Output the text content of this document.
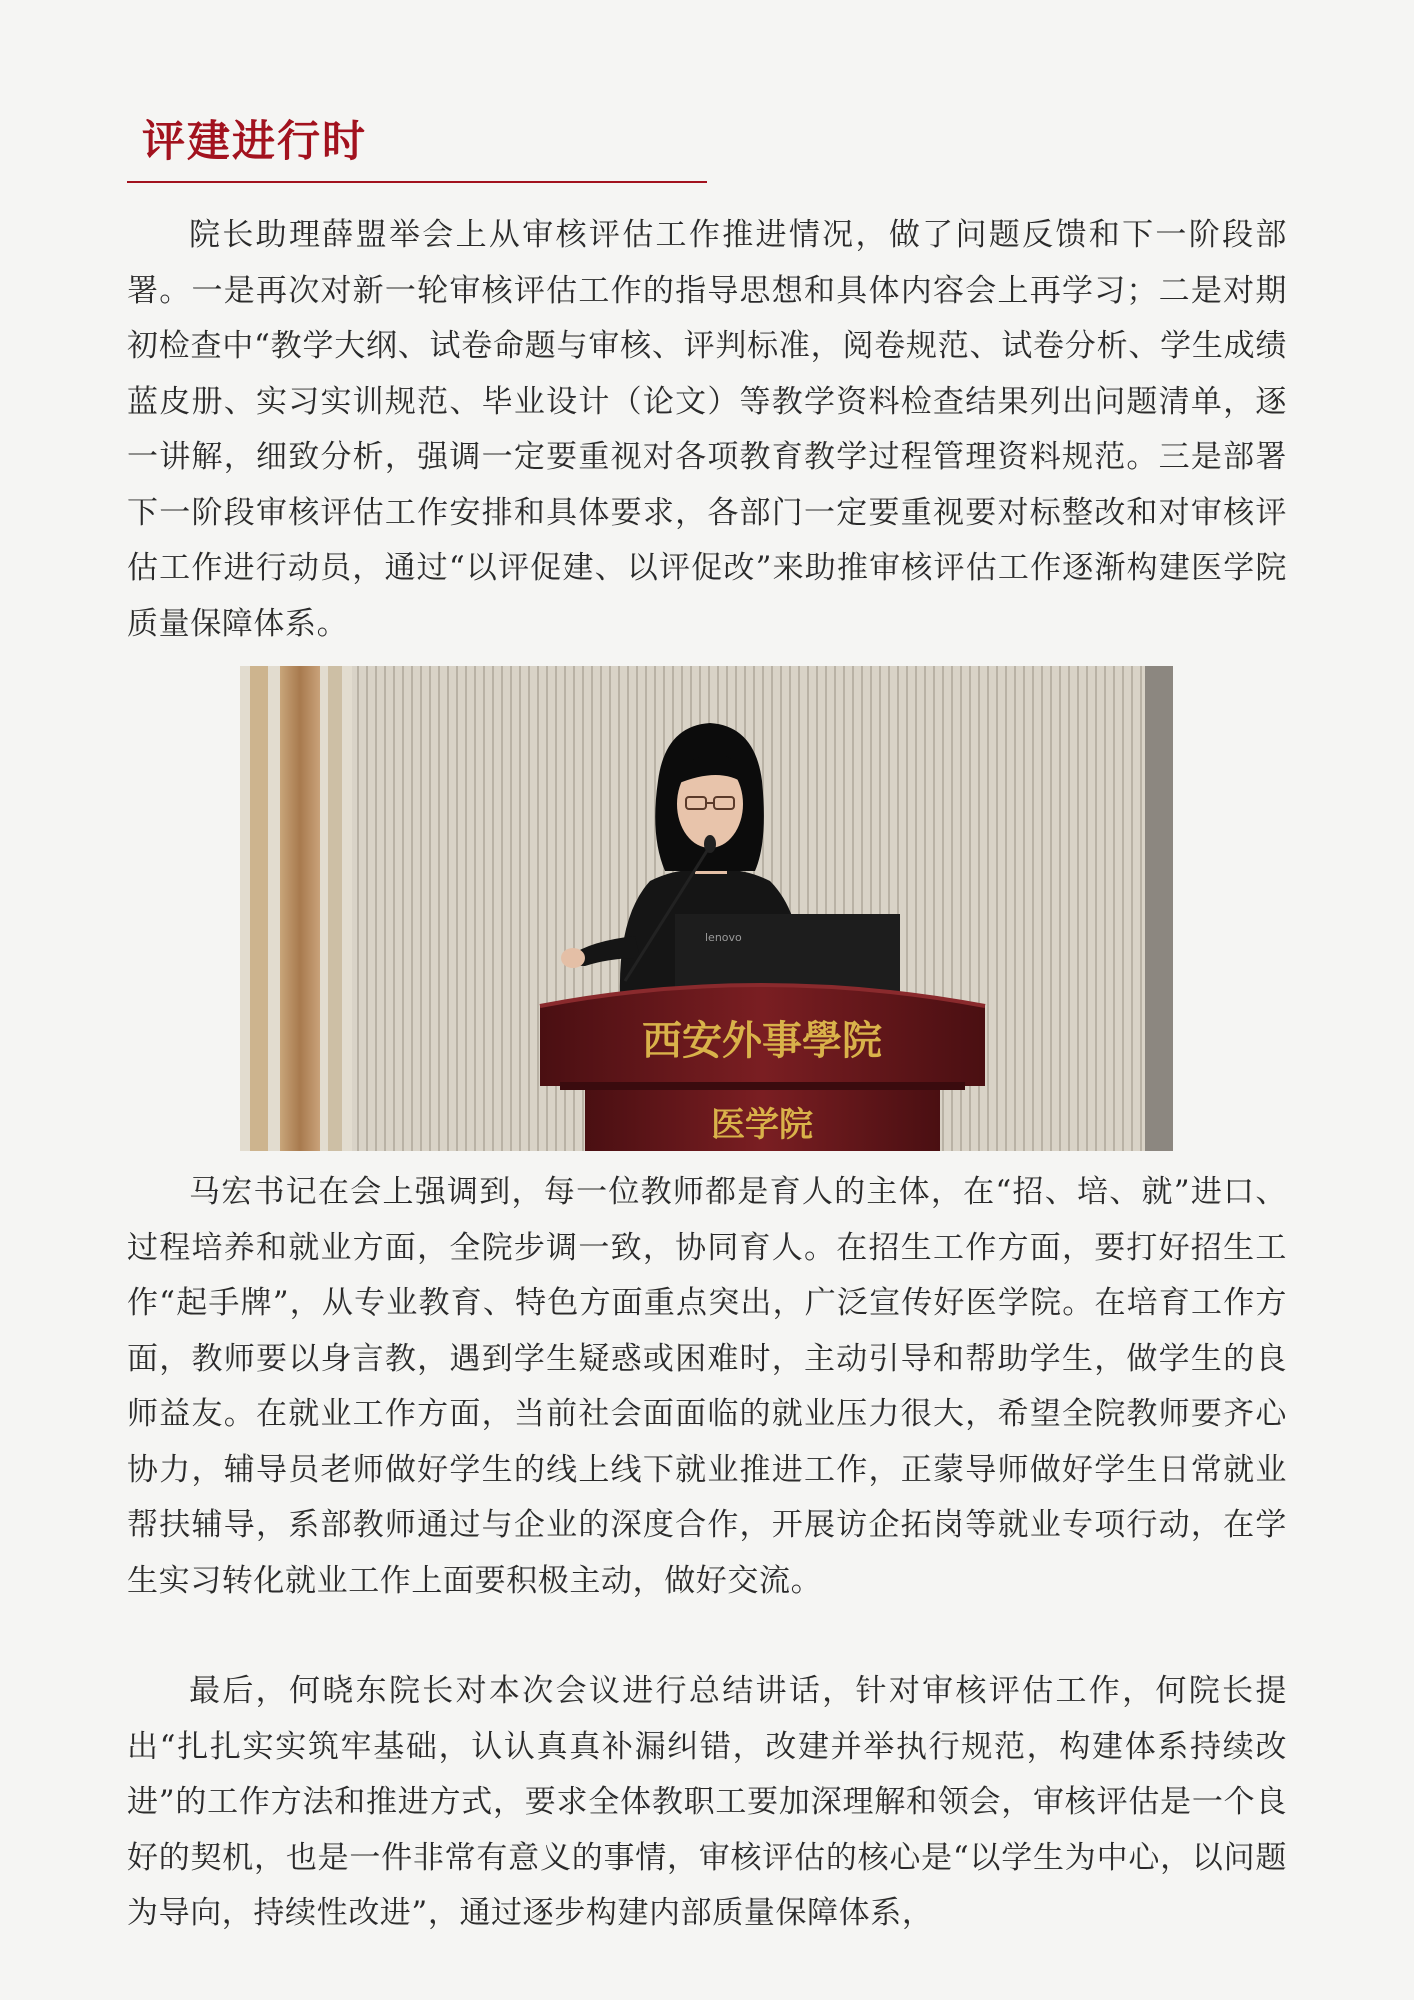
评建进行时

院长助理薛盟举会上从审核评估工作推进情况，做了问题反馈和下一阶段部署。一是再次对新一轮审核评估工作的指导思想和具体内容会上再学习；二是对期初检查中“教学大纲、试卷命题与审核、评判标准，阅卷规范、试卷分析、学生成绩蓝皮册、实习实训规范、毕业设计（论文）等教学资料检查结果列出问题清单，逐一讲解，细致分析，强调一定要重视对各项教育教学过程管理资料规范。三是部署下一阶段审核评估工作安排和具体要求，各部门一定要重视要对标整改和对审核评估工作进行动员，通过“以评促建、以评促改”来助推审核评估工作逐渐构建医学院质量保障体系。

lenovo
西安外事學院
医学院

马宏书记在会上强调到，每一位教师都是育人的主体，在“招、培、就”进口、过程培养和就业方面，全院步调一致，协同育人。在招生工作方面，要打好招生工作“起手牌”，从专业教育、特色方面重点突出，广泛宣传好医学院。在培育工作方面，教师要以身言教，遇到学生疑惑或困难时，主动引导和帮助学生，做学生的良师益友。在就业工作方面，当前社会面面临的就业压力很大，希望全院教师要齐心协力，辅导员老师做好学生的线上线下就业推进工作，正蒙导师做好学生日常就业帮扶辅导，系部教师通过与企业的深度合作，开展访企拓岗等就业专项行动，在学生实习转化就业工作上面要积极主动，做好交流。

最后，何晓东院长对本次会议进行总结讲话，针对审核评估工作，何院长提出“扎扎实实筑牢基础，认认真真补漏纠错，改建并举执行规范，构建体系持续改进”的工作方法和推进方式，要求全体教职工要加深理解和领会，审核评估是一个良好的契机，也是一件非常有意义的事情，审核评估的核心是“以学生为中心，以问题为导向，持续性改进”，通过逐步构建内部质量保障体系，
